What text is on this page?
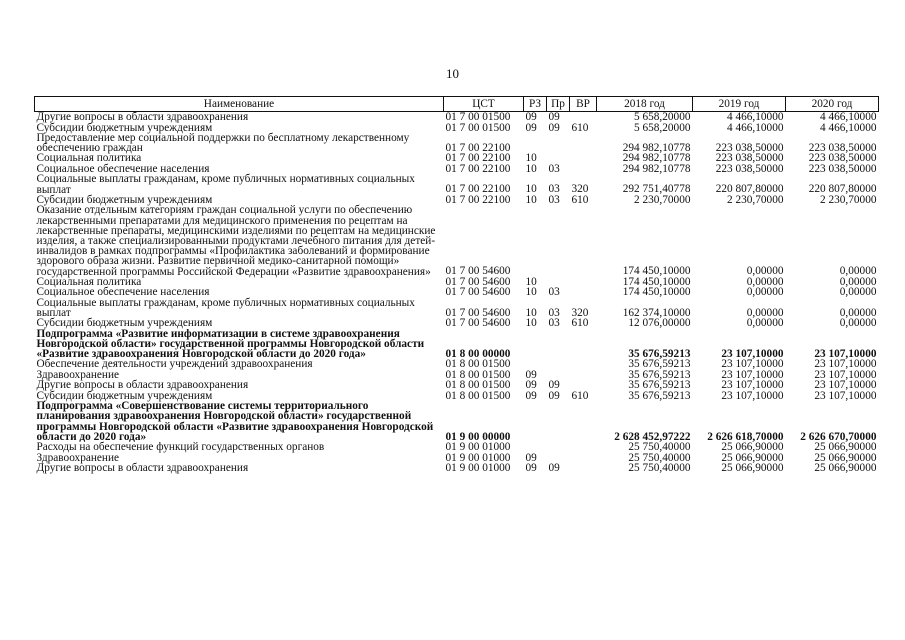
10
Наименование	ЦСТ	РЗ	Пр	ВР	2018 год	2019 год	2020 год
Другие вопросы в области здравоохранения	01 7 00 01500	09	09		5 658,20000	4 466,10000	4 466,10000
Субсидии бюджетным учреждениям	01 7 00 01500	09	09	610	5 658,20000	4 466,10000	4 466,10000
Предоставление мер социальной поддержки по бесплатному лекарственному обеспечению граждан	01 7 00 22100				294 982,10778	223 038,50000	223 038,50000
Социальная политика	01 7 00 22100	10			294 982,10778	223 038,50000	223 038,50000
Социальное обеспечение населения	01 7 00 22100	10	03		294 982,10778	223 038,50000	223 038,50000
Социальные выплаты гражданам, кроме публичных нормативных социальных выплат	01 7 00 22100	10	03	320	292 751,40778	220 807,80000	220 807,80000
Субсидии бюджетным учреждениям	01 7 00 22100	10	03	610	2 230,70000	2 230,70000	2 230,70000
Оказание отдельным категориям граждан социальной услуги по обеспечению лекарственными препаратами для медицинского применения по рецептам на лекарственные препараты, медицинскими изделиями по рецептам на медицинские изделия, а также специализированными продуктами лечебного питания для детей-инвалидов в рамках подпрограммы «Профилактика заболеваний и формирование здорового образа жизни. Развитие первичной медико-санитарной помощи» государственной программы Российской Федерации «Развитие здравоохранения»	01 7 00 54600				174 450,10000	0,00000	0,00000
Социальная политика	01 7 00 54600	10			174 450,10000	0,00000	0,00000
Социальное обеспечение населения	01 7 00 54600	10	03		174 450,10000	0,00000	0,00000
Социальные выплаты гражданам, кроме публичных нормативных социальных выплат	01 7 00 54600	10	03	320	162 374,10000	0,00000	0,00000
Субсидии бюджетным учреждениям	01 7 00 54600	10	03	610	12 076,00000	0,00000	0,00000
Подпрограмма «Развитие информатизации в системе здравоохранения Новгородской области» государственной программы Новгородской области «Развитие здравоохранения Новгородской области до 2020 года»	01 8 00 00000				35 676,59213	23 107,10000	23 107,10000
Обеспечение деятельности учреждений здравоохранения	01 8 00 01500				35 676,59213	23 107,10000	23 107,10000
Здравоохранение	01 8 00 01500	09			35 676,59213	23 107,10000	23 107,10000
Другие вопросы в области здравоохранения	01 8 00 01500	09	09		35 676,59213	23 107,10000	23 107,10000
Субсидии бюджетным учреждениям	01 8 00 01500	09	09	610	35 676,59213	23 107,10000	23 107,10000
Подпрограмма «Совершенствование системы территориального планирования здравоохранения Новгородской области» государственной программы Новгородской области «Развитие здравоохранения Новгородской области до 2020 года»	01 9 00 00000				2 628 452,97222	2 626 618,70000	2 626 670,70000
Расходы на обеспечение функций государственных органов	01 9 00 01000				25 750,40000	25 066,90000	25 066,90000
Здравоохранение	01 9 00 01000	09			25 750,40000	25 066,90000	25 066,90000
Другие вопросы в области здравоохранения	01 9 00 01000	09	09		25 750,40000	25 066,90000	25 066,90000
